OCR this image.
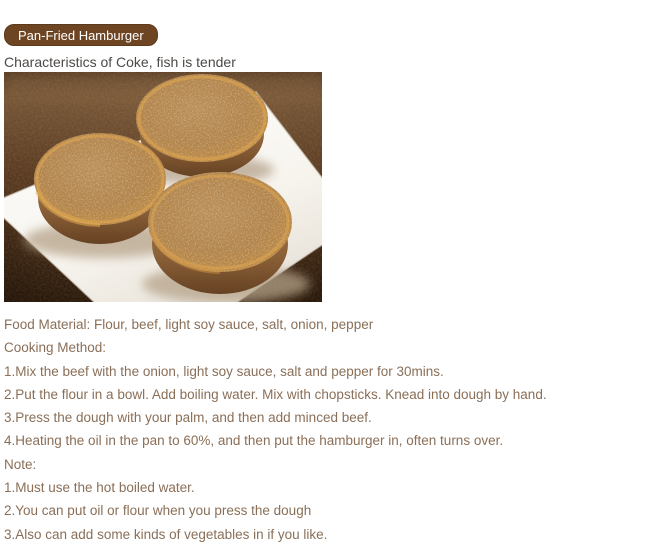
Pan-Fried Hamburger
Characteristics of Coke, fish is tender

Food Material: Flour, beef, light soy sauce, salt, onion, pepper

Cooking Method:

1.Mix the beef with the onion, light soy sauce, salt and pepper for 30mins.

2.Put the flour in a bowl. Add boiling water. Mix with chopsticks. Knead into dough by hand.

3.Press the dough with your palm, and then add minced beef.

4.Heating the oil in the pan to 60%, and then put the hamburger in, often turns over.

Note:

1.Must use the hot boiled water.

2.You can put oil or flour when you press the dough

3.Also can add some kinds of vegetables in if you like.
